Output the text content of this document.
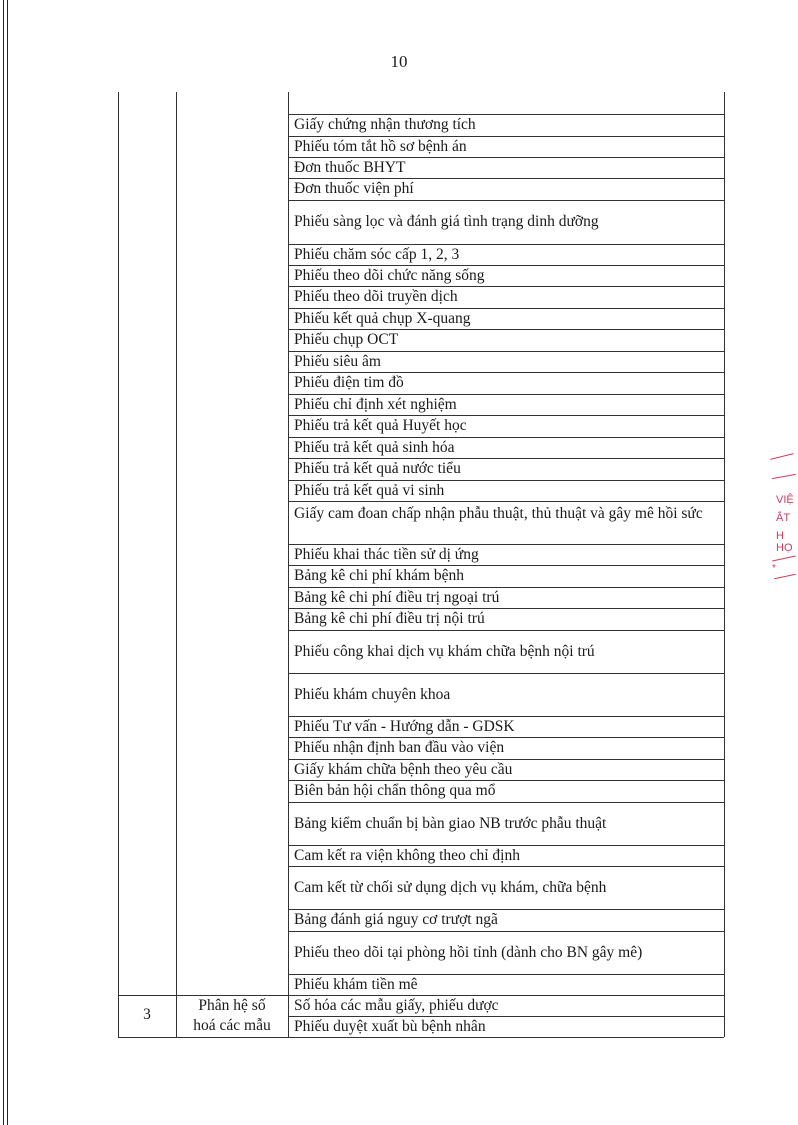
10
3
Phân hệ số
hoá các mẫu
Giấy chứng nhận thương tích
Phiếu tóm tắt hồ sơ bệnh án
Đơn thuốc BHYT
Đơn thuốc viện phí
Phiếu sàng lọc và đánh giá tình trạng dinh dưỡng
Phiếu chăm sóc cấp 1, 2, 3
Phiếu theo dõi chức năng sống
Phiếu theo dõi truyền dịch
Phiếu kết quả chụp X-quang
Phiếu chụp OCT
Phiếu siêu âm
Phiếu điện tim đồ
Phiếu chỉ định xét nghiệm
Phiếu trả kết quả Huyết học
Phiếu trả kết quả sinh hóa
Phiếu trả kết quả nước tiểu
Phiếu trả kết quả vi sinh
Giấy cam đoan chấp nhận phẫu thuật, thủ thuật và gây mê hồi sức
Phiếu khai thác tiền sử dị ứng
Bảng kê chi phí khám bệnh
Bảng kê chi phí điều trị ngoại trú
Bảng kê chi phí điều trị nội trú
Phiếu công khai dịch vụ khám chữa bệnh nội trú
Phiếu khám chuyên khoa
Phiếu Tư vấn - Hướng dẫn - GDSK
Phiếu nhận định ban đầu vào viện
Giấy khám chữa bệnh theo yêu cầu
Biên bản hội chẩn thông qua mổ
Bảng kiểm chuẩn bị bàn giao NB trước phẫu thuật
Cam kết ra viện không theo chỉ định
Cam kết từ chối sử dụng dịch vụ khám, chữa bệnh
Bảng đánh giá nguy cơ trượt ngã
Phiếu theo dõi tại phòng hồi tỉnh (dành cho BN gây mê)
Phiếu khám tiền mê
Số hóa các mẫu giấy, phiếu dược
Phiếu duyệt xuất bù bệnh nhân
VIỆ
ẮT
H HỌ
*
